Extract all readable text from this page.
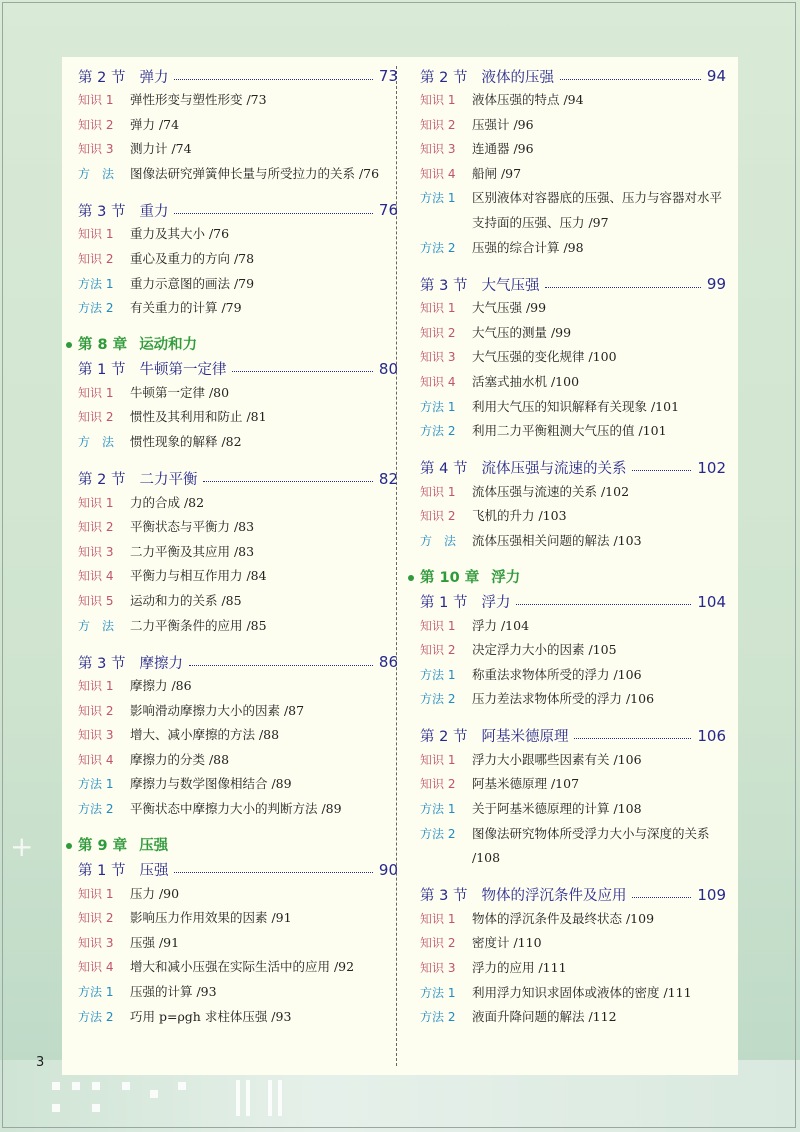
+
第 2 节 弹力	73
知识 1	弹性形变与塑性形变 /73
知识 2	弹力 /74
知识 3	测力计 /74
方　法	图像法研究弹簧伸长量与所受拉力的关系 /76
第 3 节 重力	76
知识 1	重力及其大小 /76
知识 2	重心及重力的方向 /78
方法 1	重力示意图的画法 /79
方法 2	有关重力的计算 /79
第 8 章 运动和力
第 1 节 牛顿第一定律	80
知识 1	牛顿第一定律 /80
知识 2	惯性及其利用和防止 /81
方　法	惯性现象的解释 /82
第 2 节 二力平衡	82
知识 1	力的合成 /82
知识 2	平衡状态与平衡力 /83
知识 3	二力平衡及其应用 /83
知识 4	平衡力与相互作用力 /84
知识 5	运动和力的关系 /85
方　法	二力平衡条件的应用 /85
第 3 节 摩擦力	86
知识 1	摩擦力 /86
知识 2	影响滑动摩擦力大小的因素 /87
知识 3	增大、减小摩擦的方法 /88
知识 4	摩擦力的分类 /88
方法 1	摩擦力与数学图像相结合 /89
方法 2	平衡状态中摩擦力大小的判断方法 /89
第 9 章 压强
第 1 节 压强	90
知识 1	压力 /90
知识 2	影响压力作用效果的因素 /91
知识 3	压强 /91
知识 4	增大和减小压强在实际生活中的应用 /92
方法 1	压强的计算 /93
方法 2	巧用 p=ρgh 求柱体压强 /93
第 2 节 液体的压强	94
知识 1	液体压强的特点 /94
知识 2	压强计 /96
知识 3	连通器 /96
知识 4	船闸 /97
方法 1	区别液体对容器底的压强、压力与容器对水平支持面的压强、压力 /97
方法 2	压强的综合计算 /98
第 3 节 大气压强	99
知识 1	大气压强 /99
知识 2	大气压的测量 /99
知识 3	大气压强的变化规律 /100
知识 4	活塞式抽水机 /100
方法 1	利用大气压的知识解释有关现象 /101
方法 2	利用二力平衡粗测大气压的值 /101
第 4 节 流体压强与流速的关系	102
知识 1	流体压强与流速的关系 /102
知识 2	飞机的升力 /103
方　法	流体压强相关问题的解法 /103
第 10 章 浮力
第 1 节 浮力	104
知识 1	浮力 /104
知识 2	决定浮力大小的因素 /105
方法 1	称重法求物体所受的浮力 /106
方法 2	压力差法求物体所受的浮力 /106
第 2 节 阿基米德原理	106
知识 1	浮力大小跟哪些因素有关 /106
知识 2	阿基米德原理 /107
方法 1	关于阿基米德原理的计算 /108
方法 2	图像法研究物体所受浮力大小与深度的关系 /108
第 3 节 物体的浮沉条件及应用	109
知识 1	物体的浮沉条件及最终状态 /109
知识 2	密度计 /110
知识 3	浮力的应用 /111
方法 1	利用浮力知识求固体或液体的密度 /111
方法 2	液面升降问题的解法 /112
3
